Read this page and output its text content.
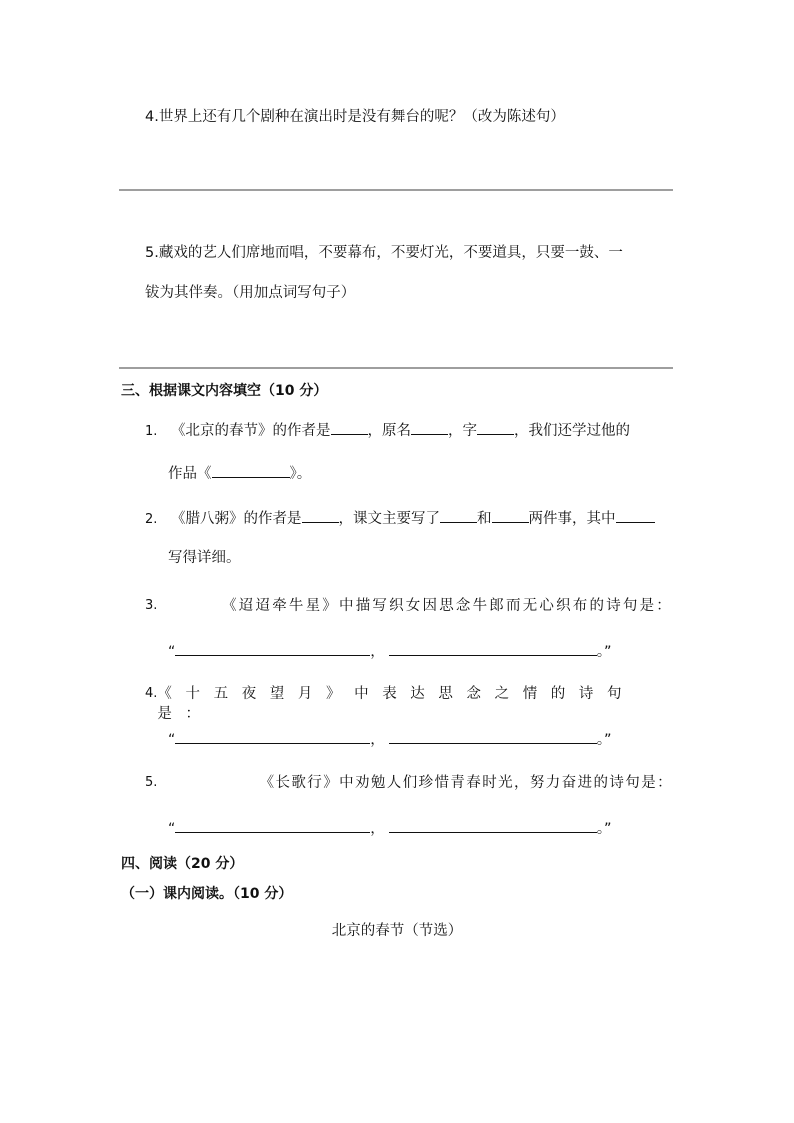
4.世界上还有几个剧种在演出时是没有舞台的呢？（改为陈述句）
5.藏戏的艺人们席地而唱，不要幕布，不要灯光，不要道具，只要一鼓、一
钹为其伴奏。（用加点词写句子）
三、根据课文内容填空（10 分）
1. 《北京的春节》的作者是	，原名	，字	，我们还学过他的
作品《	》。
2. 《腊八粥》的作者是	，课文主要写了	和	两件事，其中
写得详细。
3.	《迢迢牵牛星》中描写织女因思念牛郎而无心织布的诗句是：
“	，	。”
4. 《十五夜望月》中表达思念之情的诗句是：
“	，	。”
5.	《长歌行》中劝勉人们珍惜青春时光，努力奋进的诗句是：
“	，	。”
四、阅读（20 分）
（一）课内阅读。（10 分）
北京的春节（节选）
